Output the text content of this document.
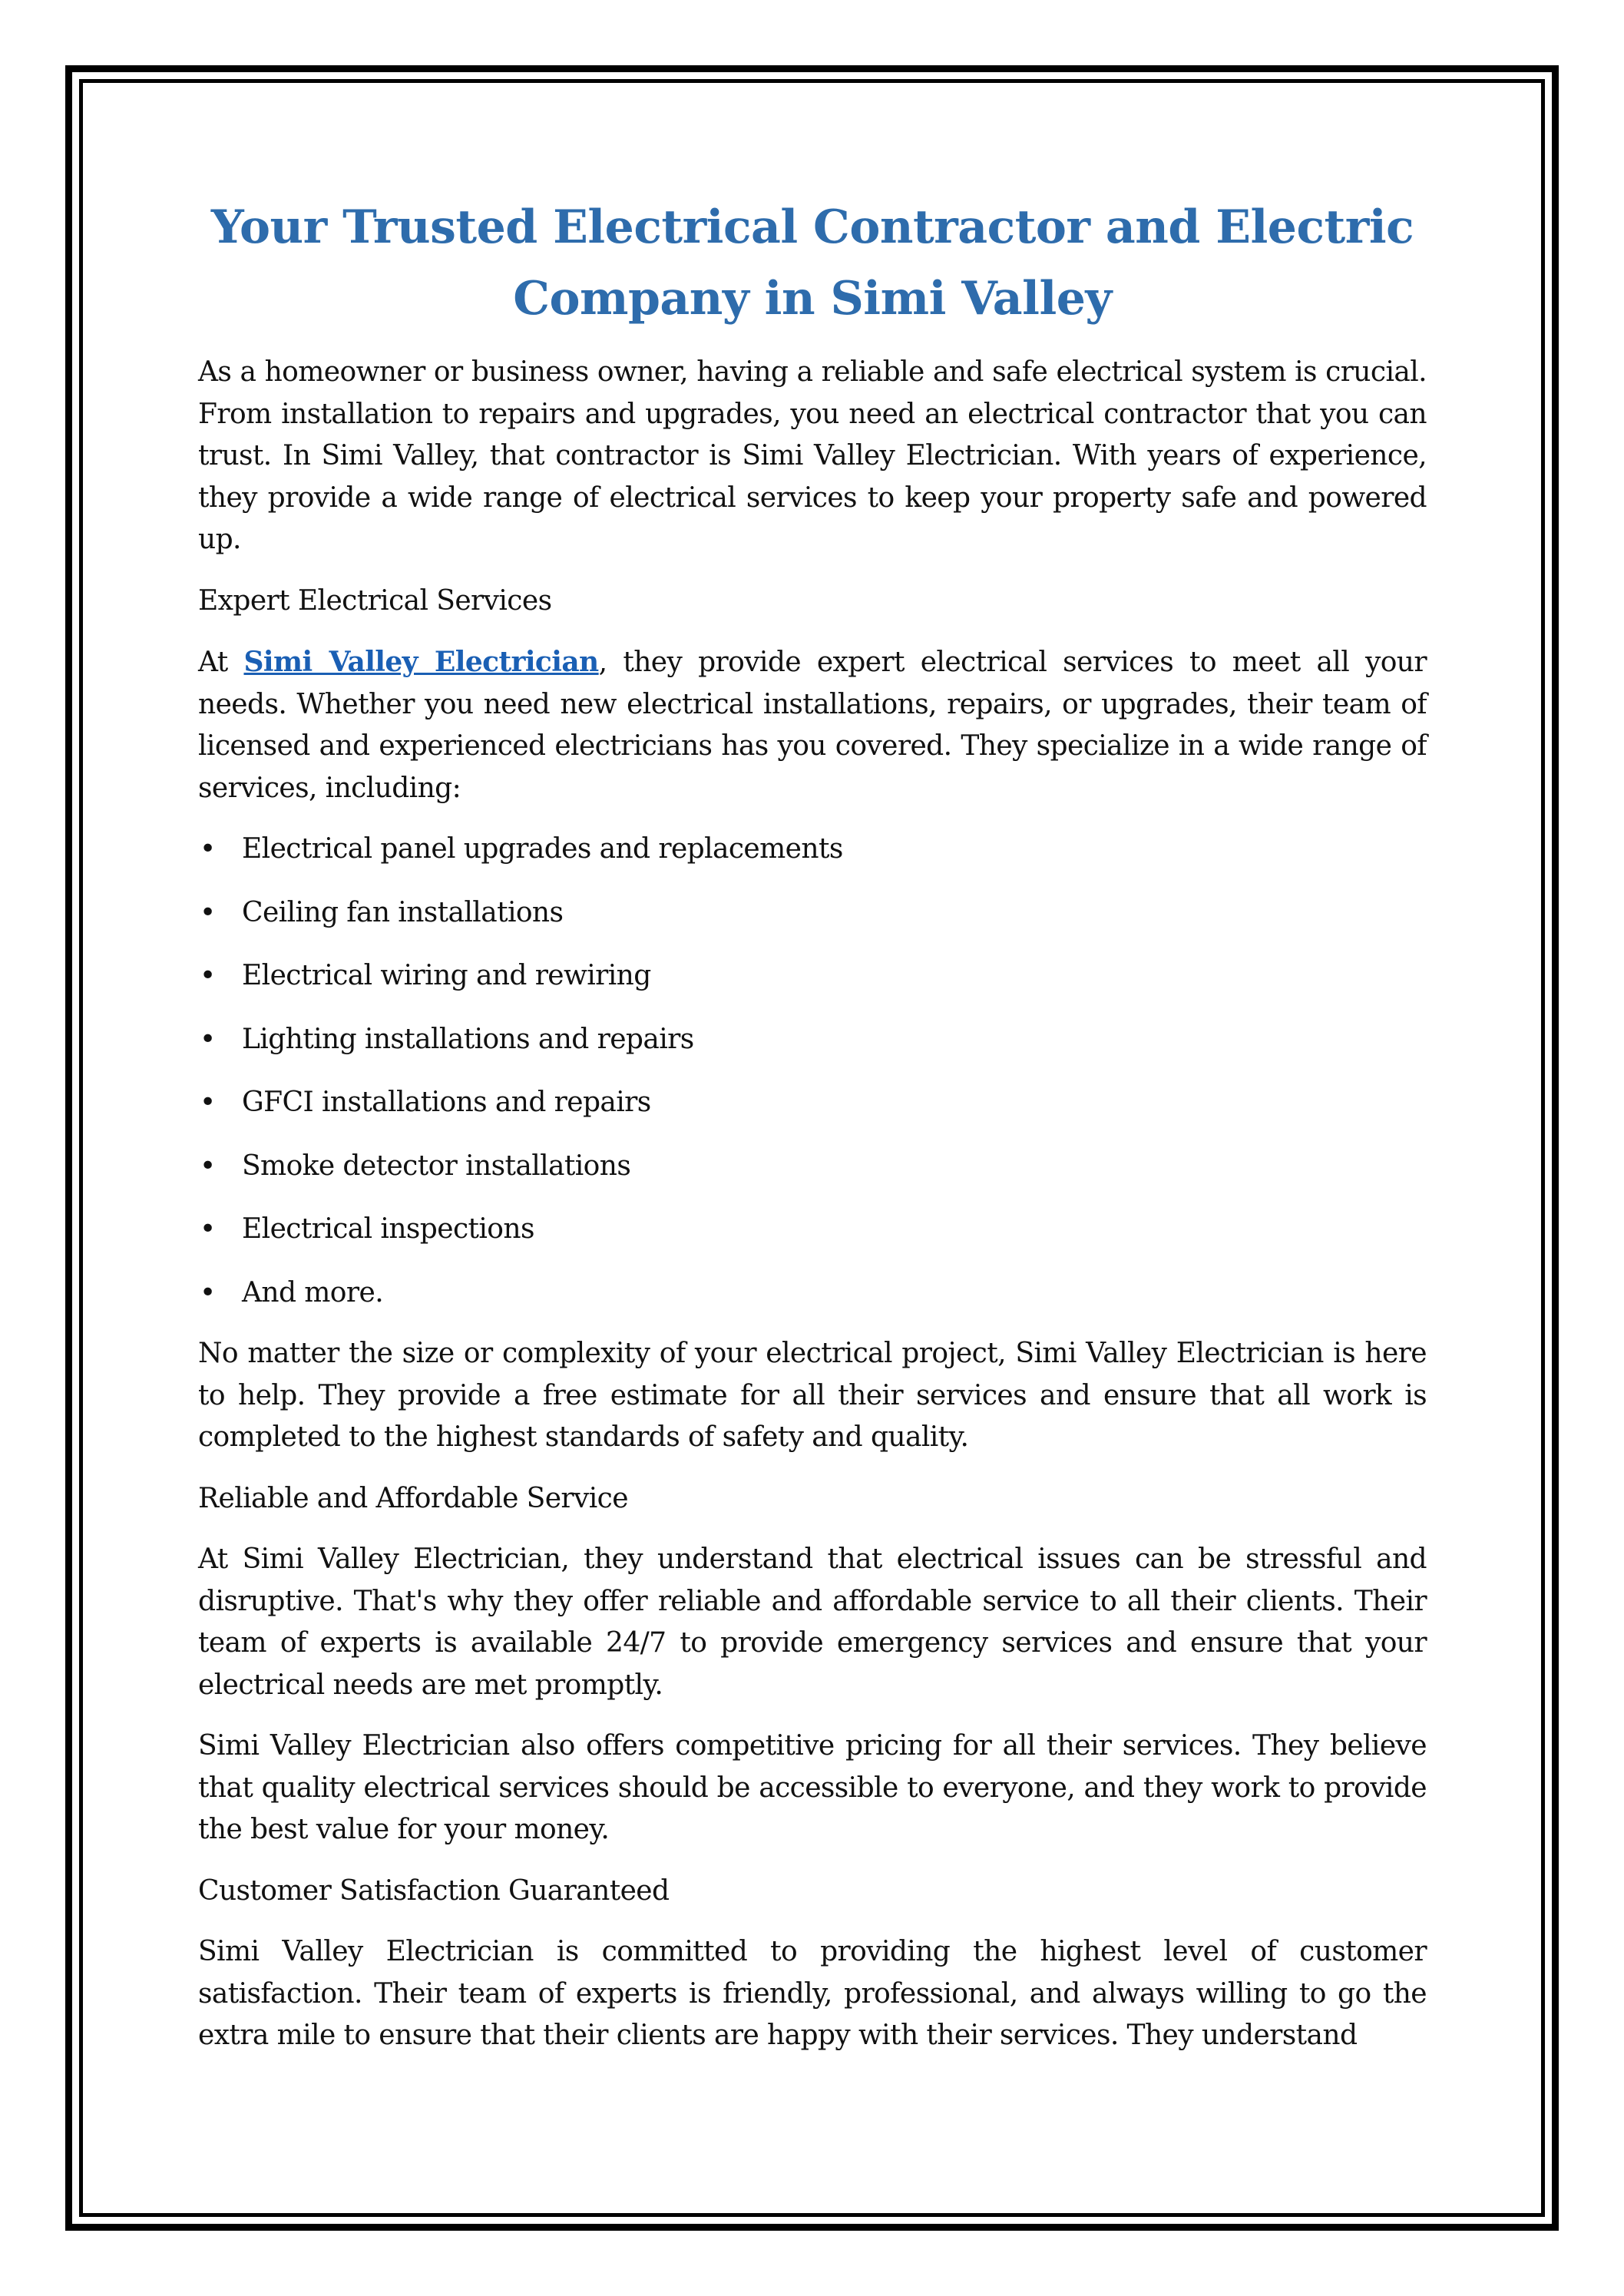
Your Trusted Electrical Contractor and Electric Company in Simi Valley

As a homeowner or business owner, having a reliable and safe electrical system is crucial. From installation to repairs and upgrades, you need an electrical contractor that you can trust. In Simi Valley, that contractor is Simi Valley Electrician. With years of experience, they provide a wide range of electrical services to keep your property safe and powered up.

Expert Electrical Services

At Simi Valley Electrician, they provide expert electrical services to meet all your needs. Whether you need new electrical installations, repairs, or upgrades, their team of licensed and experienced electricians has you covered. They specialize in a wide range of services, including:

• Electrical panel upgrades and replacements
• Ceiling fan installations
• Electrical wiring and rewiring
• Lighting installations and repairs
• GFCI installations and repairs
• Smoke detector installations
• Electrical inspections
• And more.

No matter the size or complexity of your electrical project, Simi Valley Electrician is here to help. They provide a free estimate for all their services and ensure that all work is completed to the highest standards of safety and quality.

Reliable and Affordable Service

At Simi Valley Electrician, they understand that electrical issues can be stressful and disruptive. That's why they offer reliable and affordable service to all their clients. Their team of experts is available 24/7 to provide emergency services and ensure that your electrical needs are met promptly.

Simi Valley Electrician also offers competitive pricing for all their services. They believe that quality electrical services should be accessible to everyone, and they work to provide the best value for your money.

Customer Satisfaction Guaranteed

Simi Valley Electrician is committed to providing the highest level of customer satisfaction. Their team of experts is friendly, professional, and always willing to go the extra mile to ensure that their clients are happy with their services. They understand
